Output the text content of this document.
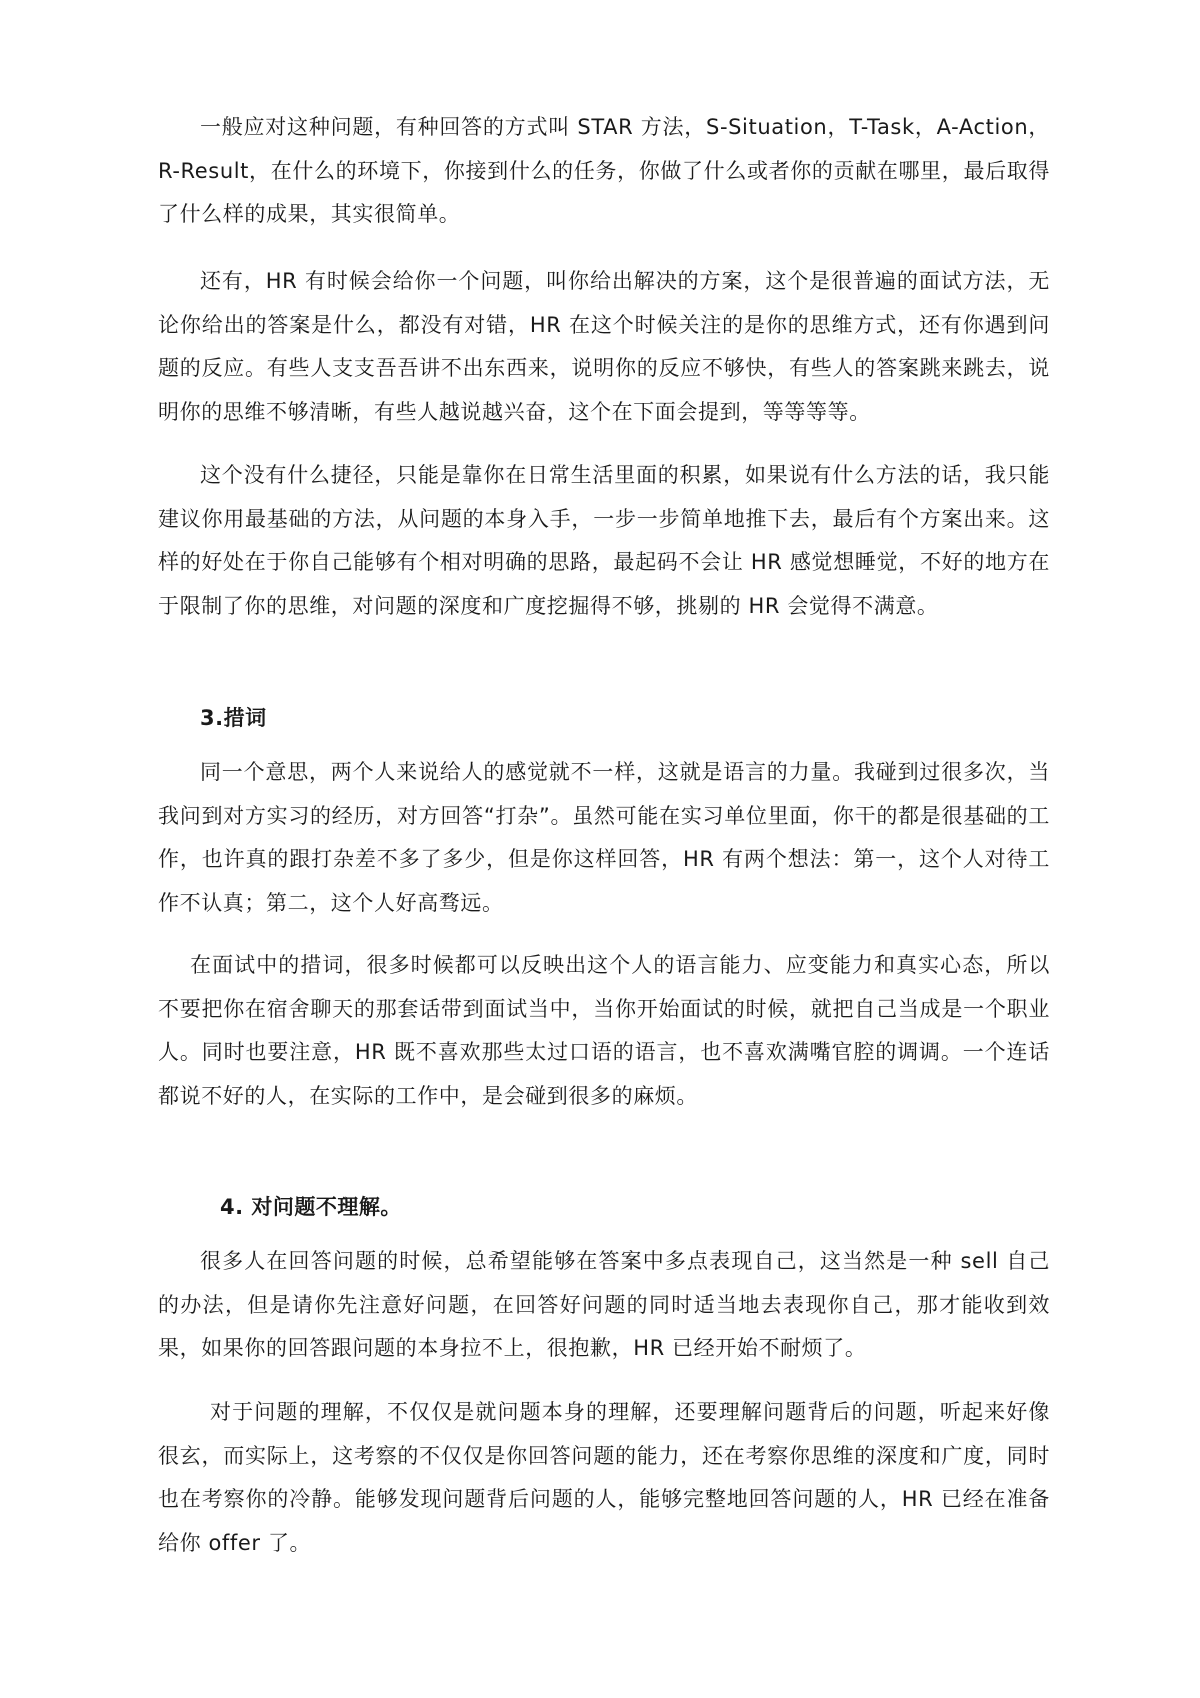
一般应对这种问题，有种回答的方式叫 STAR 方法，S-Situation，T-Task，A-Action，R-Result，在什么的环境下，你接到什么的任务，你做了什么或者你的贡献在哪里，最后取得了什么样的成果，其实很简单。

还有，HR 有时候会给你一个问题，叫你给出解决的方案，这个是很普遍的面试方法，无论你给出的答案是什么，都没有对错，HR 在这个时候关注的是你的思维方式，还有你遇到问题的反应。有些人支支吾吾讲不出东西来，说明你的反应不够快，有些人的答案跳来跳去，说明你的思维不够清晰，有些人越说越兴奋，这个在下面会提到，等等等等。

这个没有什么捷径，只能是靠你在日常生活里面的积累，如果说有什么方法的话，我只能建议你用最基础的方法，从问题的本身入手，一步一步简单地推下去，最后有个方案出来。这样的好处在于你自己能够有个相对明确的思路，最起码不会让 HR 感觉想睡觉，不好的地方在于限制了你的思维，对问题的深度和广度挖掘得不够，挑剔的 HR 会觉得不满意。

3.措词

同一个意思，两个人来说给人的感觉就不一样，这就是语言的力量。我碰到过很多次，当我问到对方实习的经历，对方回答“打杂”。虽然可能在实习单位里面，你干的都是很基础的工作，也许真的跟打杂差不多了多少，但是你这样回答，HR 有两个想法：第一，这个人对待工作不认真；第二，这个人好高骛远。

在面试中的措词，很多时候都可以反映出这个人的语言能力、应变能力和真实心态，所以不要把你在宿舍聊天的那套话带到面试当中，当你开始面试的时候，就把自己当成是一个职业人。同时也要注意，HR 既不喜欢那些太过口语的语言，也不喜欢满嘴官腔的调调。一个连话都说不好的人，在实际的工作中，是会碰到很多的麻烦。

4. 对问题不理解。

很多人在回答问题的时候，总希望能够在答案中多点表现自己，这当然是一种 sell 自己的办法，但是请你先注意好问题，在回答好问题的同时适当地去表现你自己，那才能收到效果，如果你的回答跟问题的本身拉不上，很抱歉，HR 已经开始不耐烦了。

对于问题的理解，不仅仅是就问题本身的理解，还要理解问题背后的问题，听起来好像很玄，而实际上，这考察的不仅仅是你回答问题的能力，还在考察你思维的深度和广度，同时也在考察你的冷静。能够发现问题背后问题的人，能够完整地回答问题的人，HR 已经在准备给你 offer 了。
